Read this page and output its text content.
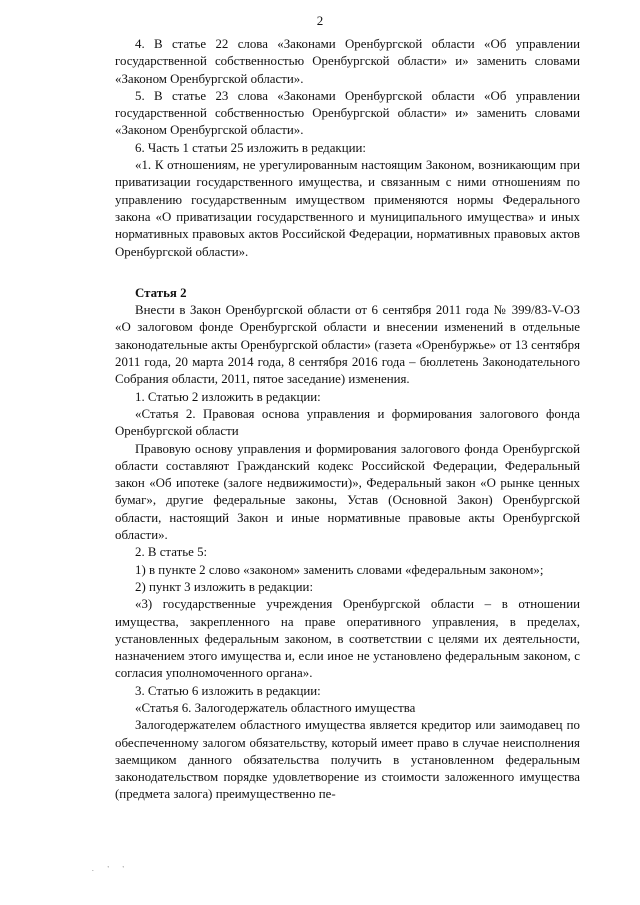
2

4. В статье 22 слова «Законами Оренбургской области «Об управлении государственной собственностью Оренбургской области» и» заменить словами «Законом Оренбургской области».

5. В статье 23 слова «Законами Оренбургской области «Об управлении государственной собственностью Оренбургской области» и» заменить словами «Законом Оренбургской области».

6. Часть 1 статьи 25 изложить в редакции:

«1. К отношениям, не урегулированным настоящим Законом, возникающим при приватизации государственного имущества, и связанным с ними отношениям по управлению государственным имуществом применяются нормы Федерального закона «О приватизации государственного и муниципального имущества» и иных нормативных правовых актов Российской Федерации, нормативных правовых актов Оренбургской области».

Статья 2

Внести в Закон Оренбургской области от 6 сентября 2011 года № 399/83-V-ОЗ «О залоговом фонде Оренбургской области и внесении изменений в отдельные законодательные акты Оренбургской области» (газета «Оренбуржье» от 13 сентября 2011 года, 20 марта 2014 года, 8 сентября 2016 года – бюллетень Законодательного Собрания области, 2011, пятое заседание) изменения.

1. Статью 2 изложить в редакции:

«Статья 2. Правовая основа управления и формирования залогового фонда Оренбургской области

Правовую основу управления и формирования залогового фонда Оренбургской области составляют Гражданский кодекс Российской Федерации, Федеральный закон «Об ипотеке (залоге недвижимости)», Федеральный закон «О рынке ценных бумаг», другие федеральные законы, Устав (Основной Закон) Оренбургской области, настоящий Закон и иные нормативные правовые акты Оренбургской области».

2. В статье 5:

1) в пункте 2 слово «законом» заменить словами «федеральным законом»;

2) пункт 3 изложить в редакции:

«3) государственные учреждения Оренбургской области – в отношении имущества, закрепленного на праве оперативного управления, в пределах, установленных федеральным законом, в соответствии с целями их деятельности, назначением этого имущества и, если иное не установлено федеральным законом, с согласия уполномоченного органа».

3. Статью 6 изложить в редакции:

«Статья 6. Залогодержатель областного имущества

Залогодержателем областного имущества является кредитор или заимодавец по обеспеченному залогом обязательству, который имеет право в случае неисполнения заемщиком данного обязательства получить в установленном федеральным законодательством порядке удовлетворение из стоимости заложенного имущества (предмета залога) преимущественно пе-

. ' '
